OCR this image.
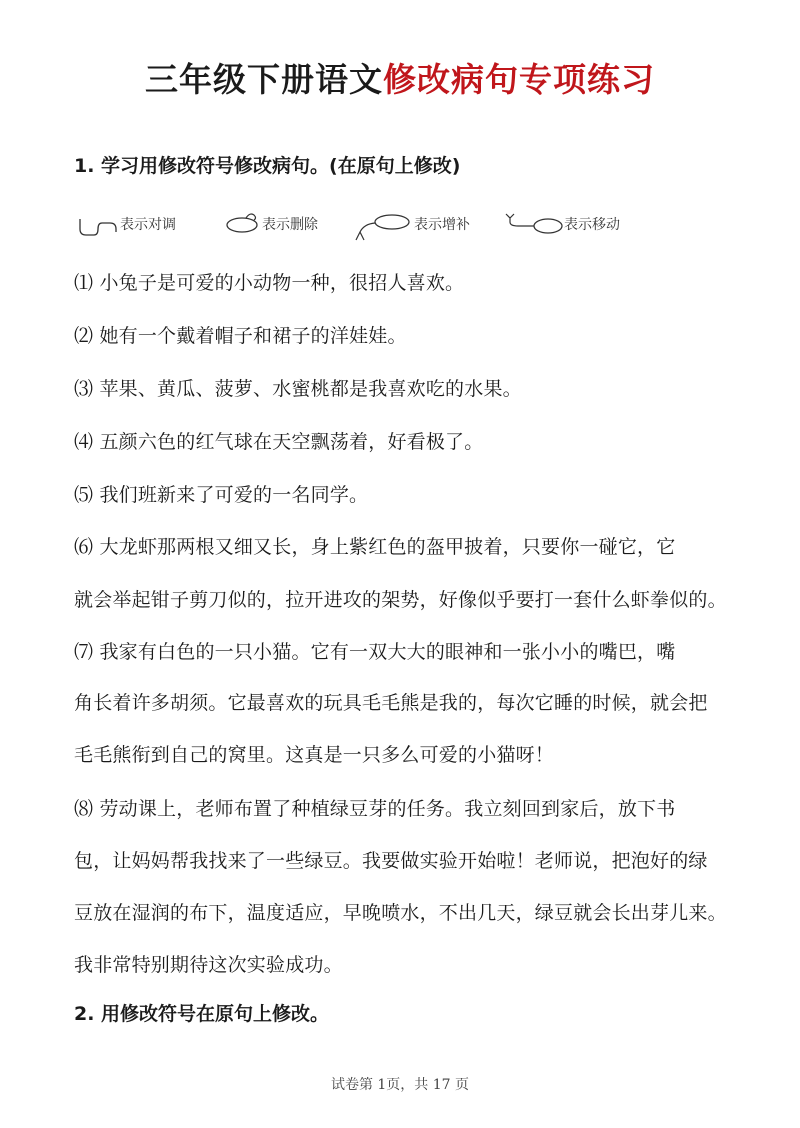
三年级下册语文修改病句专项练习
1. 学习用修改符号修改病句。(在原句上修改)
表示对调	表示删除	表示增补	表示移动
⑴ 小兔子是可爱的小动物一种，很招人喜欢。
⑵ 她有一个戴着帽子和裙子的洋娃娃。
⑶ 苹果、黄瓜、菠萝、水蜜桃都是我喜欢吃的水果。
⑷ 五颜六色的红气球在天空飘荡着，好看极了。
⑸ 我们班新来了可爱的一名同学。
⑹ 大龙虾那两根又细又长，身上紫红色的盔甲披着，只要你一碰它，它
就会举起钳子剪刀似的，拉开进攻的架势，好像似乎要打一套什么虾拳似的。
⑺ 我家有白色的一只小猫。它有一双大大的眼神和一张小小的嘴巴，嘴
角长着许多胡须。它最喜欢的玩具毛毛熊是我的，每次它睡的时候，就会把
毛毛熊衔到自己的窝里。这真是一只多么可爱的小猫呀！
⑻ 劳动课上，老师布置了种植绿豆芽的任务。我立刻回到家后，放下书
包，让妈妈帮我找来了一些绿豆。我要做实验开始啦！老师说，把泡好的绿
豆放在湿润的布下，温度适应，早晚喷水，不出几天，绿豆就会长出芽儿来。
我非常特别期待这次实验成功。
2. 用修改符号在原句上修改。
试卷第 1页，共 17 页
